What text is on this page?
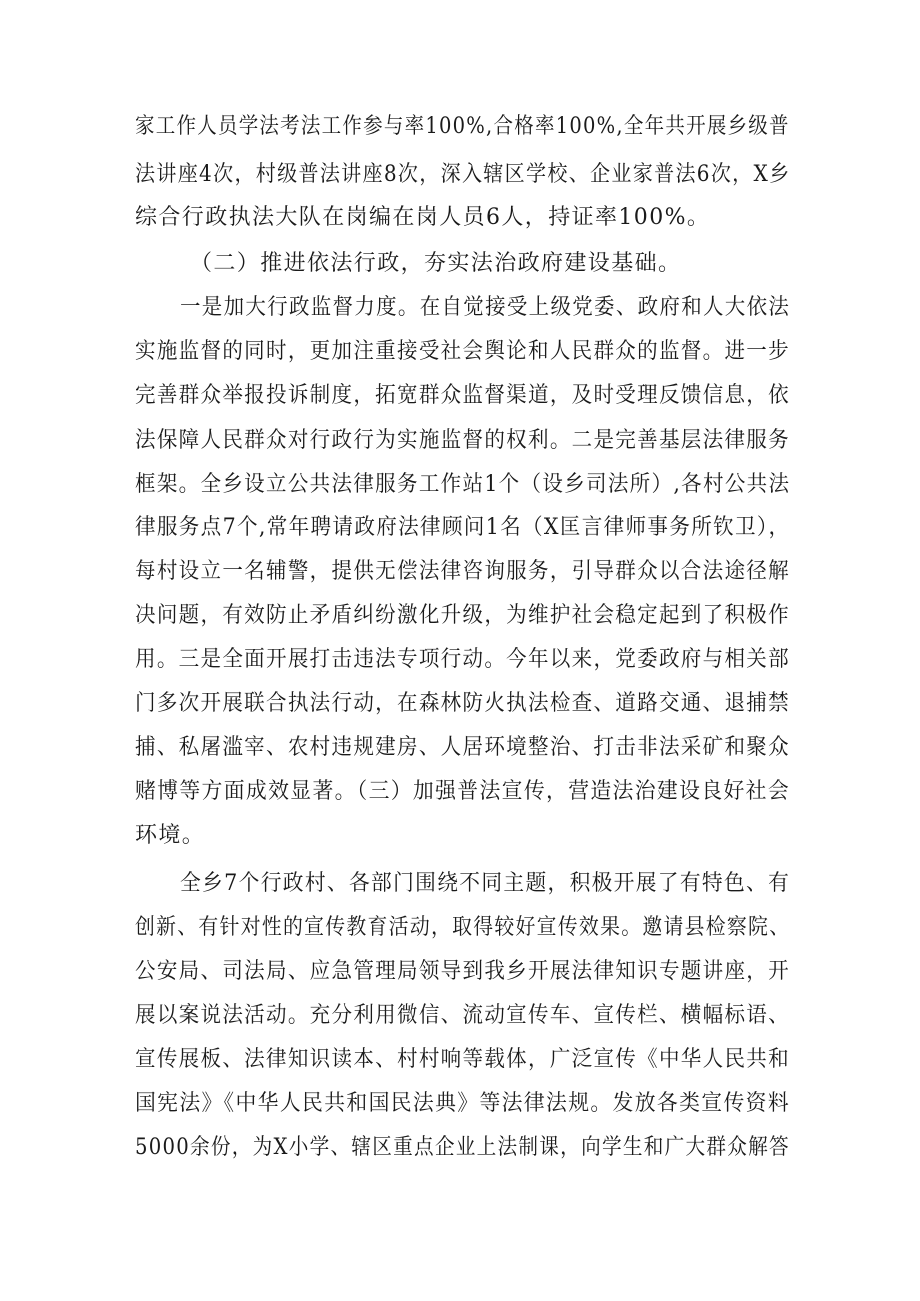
家工作人员学法考法工作参与率100%,合格率100%,全年共开展乡级普
法讲座4次，村级普法讲座8次，深入辖区学校、企业家普法6次，X乡
综合行政执法大队在岗编在岗人员6人，持证率100%。
（二）推进依法行政，夯实法治政府建设基础。
一是加大行政监督力度。在自觉接受上级党委、政府和人大依法
实施监督的同时，更加注重接受社会舆论和人民群众的监督。进一步
完善群众举报投诉制度，拓宽群众监督渠道，及时受理反馈信息，依
法保障人民群众对行政行为实施监督的权利。二是完善基层法律服务
框架。全乡设立公共法律服务工作站1个（设乡司法所）,各村公共法
律服务点7个,常年聘请政府法律顾问1名（X匡言律师事务所钦卫），
每村设立一名辅警，提供无偿法律咨询服务，引导群众以合法途径解
决问题，有效防止矛盾纠纷激化升级，为维护社会稳定起到了积极作
用。三是全面开展打击违法专项行动。今年以来，党委政府与相关部
门多次开展联合执法行动，在森林防火执法检查、道路交通、退捕禁
捕、私屠滥宰、农村违规建房、人居环境整治、打击非法采矿和聚众
赌博等方面成效显著。（三）加强普法宣传，营造法治建设良好社会
环境。
全乡7个行政村、各部门围绕不同主题，积极开展了有特色、有
创新、有针对性的宣传教育活动，取得较好宣传效果。邀请县检察院、
公安局、司法局、应急管理局领导到我乡开展法律知识专题讲座，开
展以案说法活动。充分利用微信、流动宣传车、宣传栏、横幅标语、
宣传展板、法律知识读本、村村响等载体，广泛宣传《中华人民共和
国宪法》《中华人民共和国民法典》等法律法规。发放各类宣传资料
5000余份，为X小学、辖区重点企业上法制课，向学生和广大群众解答
